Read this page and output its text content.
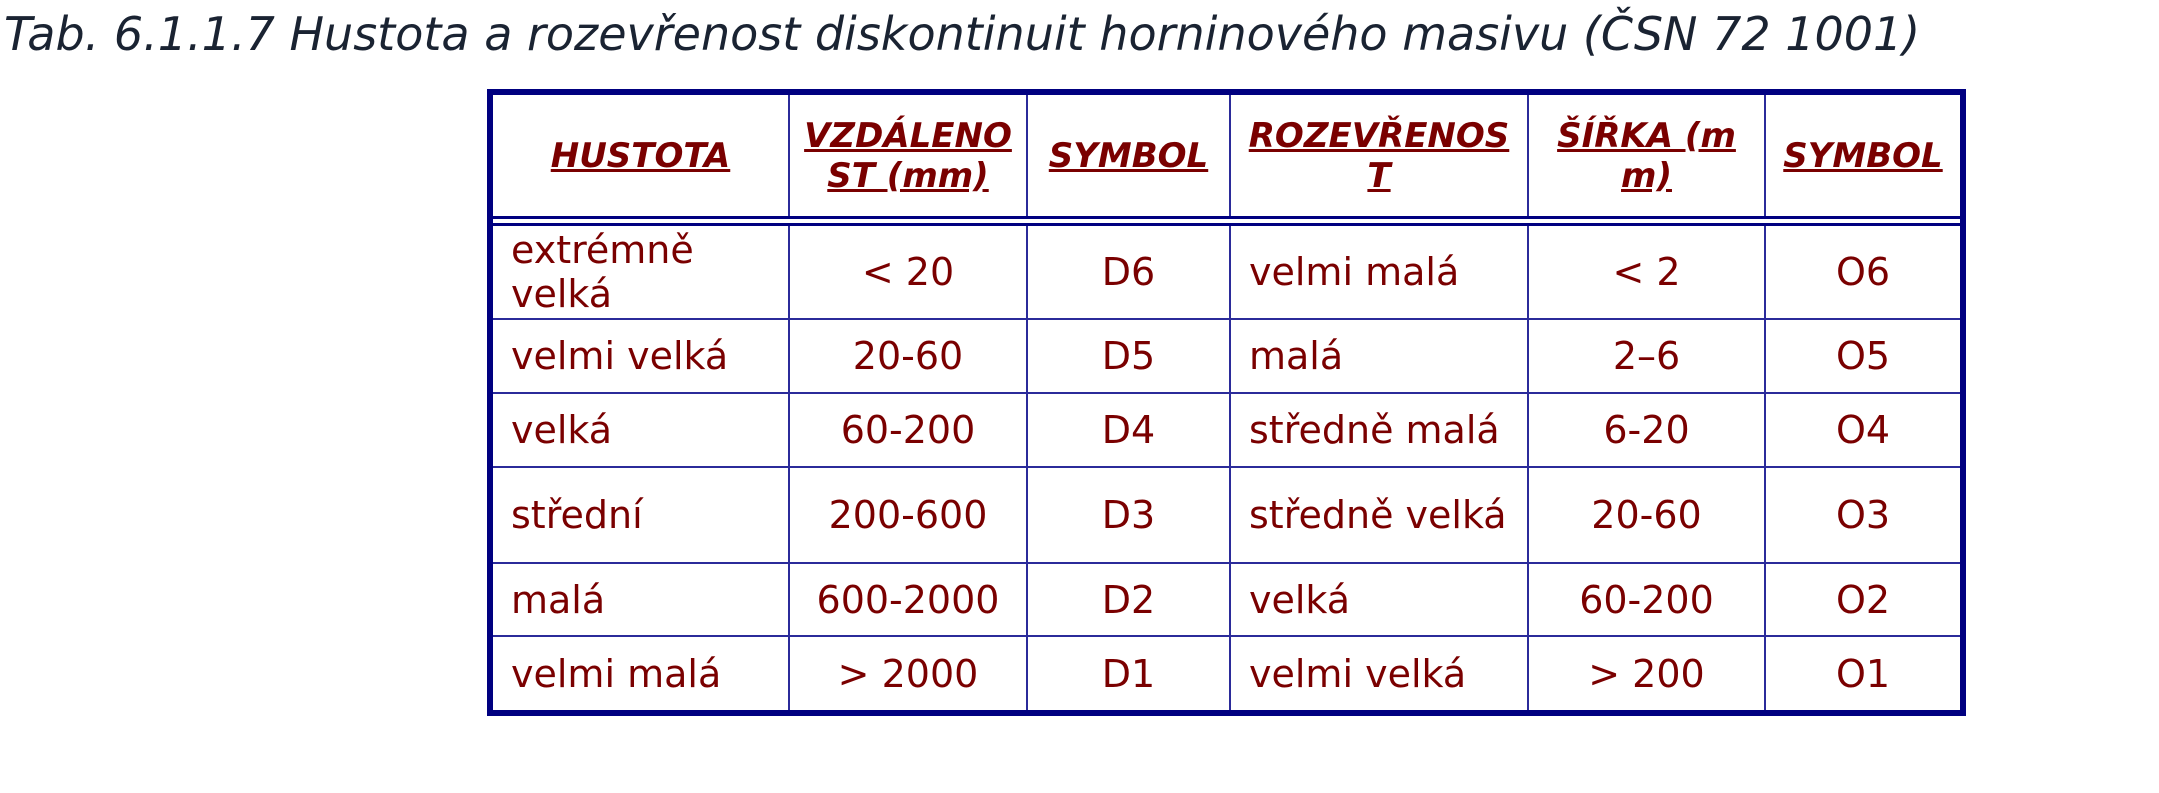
Tab. 6.1.1.7 Hustota a rozevřenost diskontinuit horninového masivu (ČSN 72 1001)

HUSTOTA	VZDÁLENOST (mm)	SYMBOL	ROZEVŘENOST	ŠÍŘKA (mm)	SYMBOL
extrémně velká	< 20	D6	velmi malá	< 2	O6
velmi velká	20-60	D5	malá	2–6	O5
velká	60-200	D4	středně malá	6-20	O4
střední	200-600	D3	středně velká	20-60	O3
malá	600-2000	D2	velká	60-200	O2
velmi malá	> 2000	D1	velmi velká	> 200	O1
